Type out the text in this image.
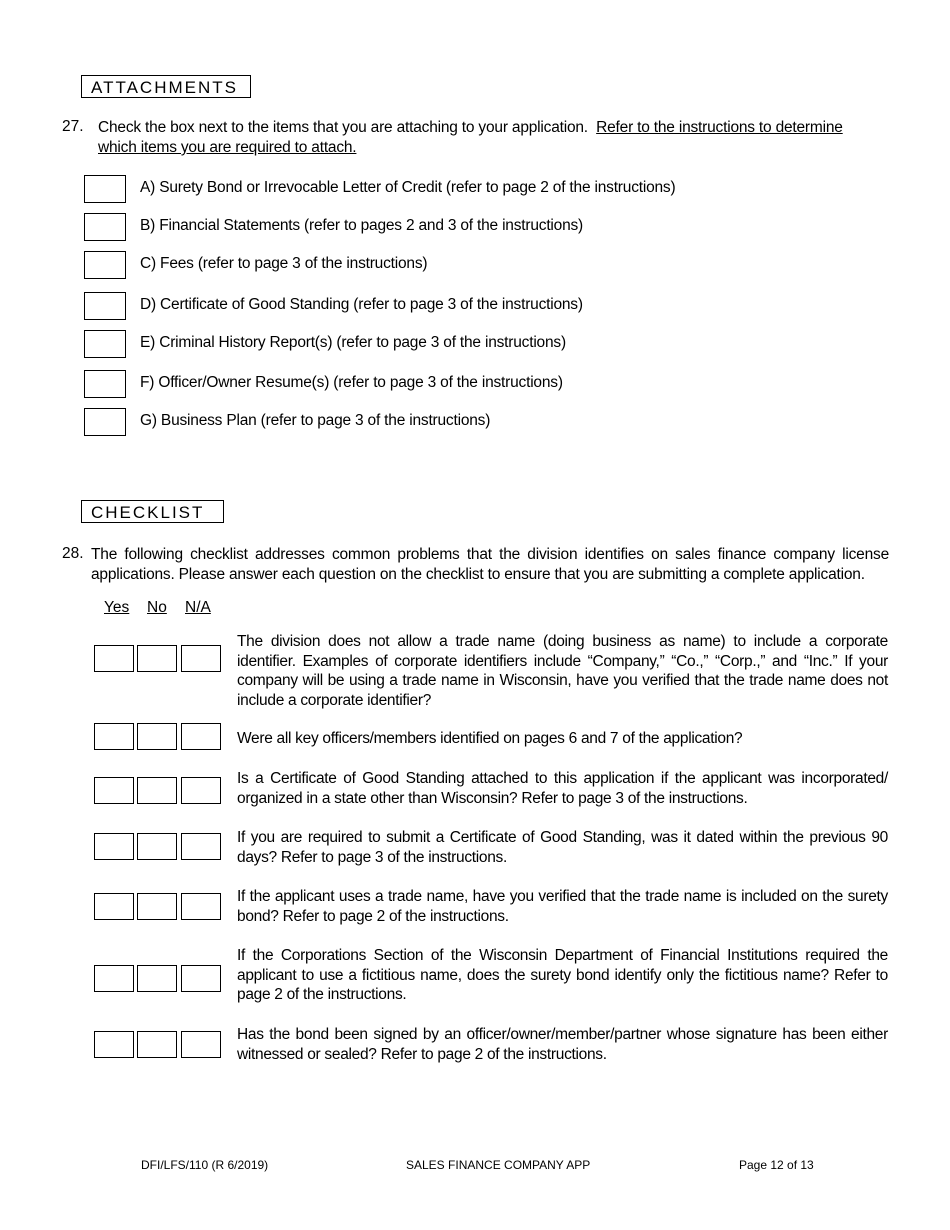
ATTACHMENTS
27. Check the box next to the items that you are attaching to your application. Refer to the instructions to determine which items you are required to attach.
A) Surety Bond or Irrevocable Letter of Credit (refer to page 2 of the instructions)
B) Financial Statements (refer to pages 2 and 3 of the instructions)
C) Fees (refer to page 3 of the instructions)
D) Certificate of Good Standing (refer to page 3 of the instructions)
E) Criminal History Report(s) (refer to page 3 of the instructions)
F) Officer/Owner Resume(s) (refer to page 3 of the instructions)
G) Business Plan (refer to page 3 of the instructions)
CHECKLIST
28. The following checklist addresses common problems that the division identifies on sales finance company license applications. Please answer each question on the checklist to ensure that you are submitting a complete application.
Yes No N/A
The division does not allow a trade name (doing business as name) to include a corporate identifier. Examples of corporate identifiers include “Company,” “Co.,” “Corp.,” and “Inc.” If your company will be using a trade name in Wisconsin, have you verified that the trade name does not include a corporate identifier?
Were all key officers/members identified on pages 6 and 7 of the application?
Is a Certificate of Good Standing attached to this application if the applicant was incorporated/ organized in a state other than Wisconsin? Refer to page 3 of the instructions.
If you are required to submit a Certificate of Good Standing, was it dated within the previous 90 days? Refer to page 3 of the instructions.
If the applicant uses a trade name, have you verified that the trade name is included on the surety bond? Refer to page 2 of the instructions.
If the Corporations Section of the Wisconsin Department of Financial Institutions required the applicant to use a fictitious name, does the surety bond identify only the fictitious name? Refer to page 2 of the instructions.
Has the bond been signed by an officer/owner/member/partner whose signature has been either witnessed or sealed? Refer to page 2 of the instructions.
DFI/LFS/110 (R 6/2019)	SALES FINANCE COMPANY APP	Page 12 of 13
